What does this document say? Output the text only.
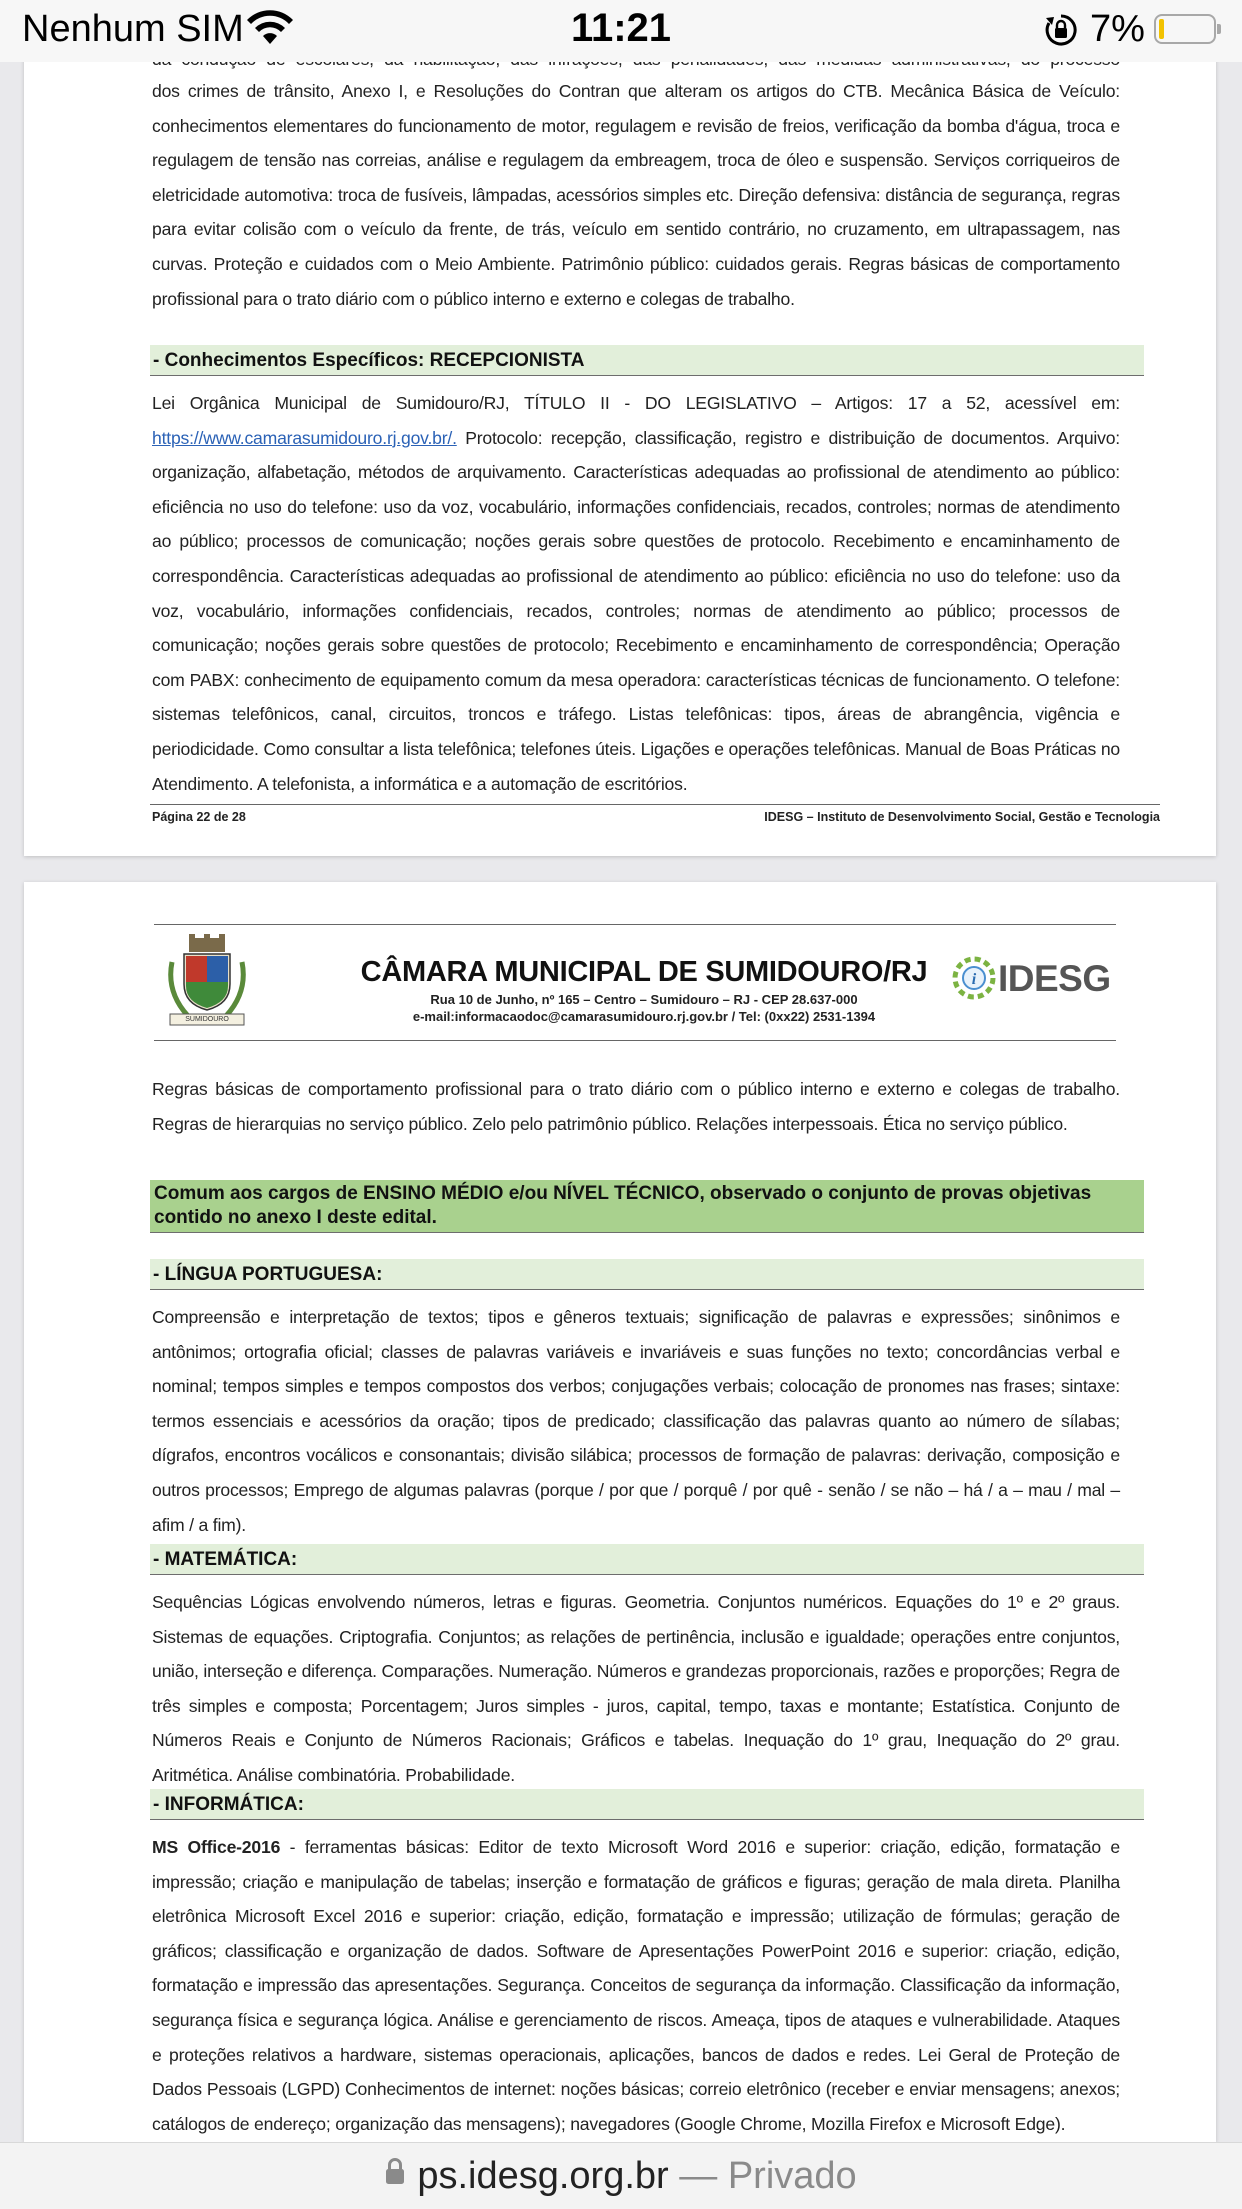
Nenhum SIM	11:21	7%

dos crimes de trânsito, Anexo I, e Resoluções do Contran que alteram os artigos do CTB. Mecânica Básica de Veículo: conhecimentos elementares do funcionamento de motor, regulagem e revisão de freios, verificação da bomba d'água, troca e regulagem de tensão nas correias, análise e regulagem da embreagem, troca de óleo e suspensão. Serviços corriqueiros de eletricidade automotiva: troca de fusíveis, lâmpadas, acessórios simples etc. Direção defensiva: distância de segurança, regras para evitar colisão com o veículo da frente, de trás, veículo em sentido contrário, no cruzamento, em ultrapassagem, nas curvas. Proteção e cuidados com o Meio Ambiente. Patrimônio público: cuidados gerais. Regras básicas de comportamento profissional para o trato diário com o público interno e externo e colegas de trabalho.

- Conhecimentos Específicos: RECEPCIONISTA

Lei Orgânica Municipal de Sumidouro/RJ, TÍTULO II - DO LEGISLATIVO – Artigos: 17 a 52, acessível em: https://www.camarasumidouro.rj.gov.br/. Protocolo: recepção, classificação, registro e distribuição de documentos. Arquivo: organização, alfabetação, métodos de arquivamento. Características adequadas ao profissional de atendimento ao público: eficiência no uso do telefone: uso da voz, vocabulário, informações confidenciais, recados, controles; normas de atendimento ao público; processos de comunicação; noções gerais sobre questões de protocolo. Recebimento e encaminhamento de correspondência. Características adequadas ao profissional de atendimento ao público: eficiência no uso do telefone: uso da voz, vocabulário, informações confidenciais, recados, controles; normas de atendimento ao público; processos de comunicação; noções gerais sobre questões de protocolo; Recebimento e encaminhamento de correspondência; Operação com PABX: conhecimento de equipamento comum da mesa operadora: características técnicas de funcionamento. O telefone: sistemas telefônicos, canal, circuitos, troncos e tráfego. Listas telefônicas: tipos, áreas de abrangência, vigência e periodicidade. Como consultar a lista telefônica; telefones úteis. Ligações e operações telefônicas. Manual de Boas Práticas no Atendimento. A telefonista, a informática e a automação de escritórios.

Página 22 de 28	IDESG – Instituto de Desenvolvimento Social, Gestão e Tecnologia
SUMIDOURO
CÂMARA MUNICIPAL DE SUMIDOURO/RJ
Rua 10 de Junho, nº 165 – Centro – Sumidouro – RJ - CEP 28.637-000
e-mail:informacaodoc@camarasumidouro.rj.gov.br / Tel: (0xx22) 2531-1394
i IDESG

Regras básicas de comportamento profissional para o trato diário com o público interno e externo e colegas de trabalho. Regras de hierarquias no serviço público. Zelo pelo patrimônio público. Relações interpessoais. Ética no serviço público.

Comum aos cargos de ENSINO MÉDIO e/ou NÍVEL TÉCNICO, observado o conjunto de provas objetivas contido no anexo I deste edital.
- LÍNGUA PORTUGUESA:

Compreensão e interpretação de textos; tipos e gêneros textuais; significação de palavras e expressões; sinônimos e antônimos; ortografia oficial; classes de palavras variáveis e invariáveis e suas funções no texto; concordâncias verbal e nominal; tempos simples e tempos compostos dos verbos; conjugações verbais; colocação de pronomes nas frases; sintaxe: termos essenciais e acessórios da oração; tipos de predicado; classificação das palavras quanto ao número de sílabas; dígrafos, encontros vocálicos e consonantais; divisão silábica; processos de formação de palavras: derivação, composição e outros processos; Emprego de algumas palavras (porque / por que / porquê / por quê - senão / se não – há / a – mau / mal – afim / a fim).

- MATEMÁTICA:

Sequências Lógicas envolvendo números, letras e figuras. Geometria. Conjuntos numéricos. Equações do 1º e 2º graus. Sistemas de equações. Criptografia. Conjuntos; as relações de pertinência, inclusão e igualdade; operações entre conjuntos, união, interseção e diferença. Comparações. Numeração. Números e grandezas proporcionais, razões e proporções; Regra de três simples e composta; Porcentagem; Juros simples - juros, capital, tempo, taxas e montante; Estatística. Conjunto de Números Reais e Conjunto de Números Racionais; Gráficos e tabelas. Inequação do 1º grau, Inequação do 2º grau. Aritmética. Análise combinatória. Probabilidade.

- INFORMÁTICA:

MS Office-2016 - ferramentas básicas: Editor de texto Microsoft Word 2016 e superior: criação, edição, formatação e impressão; criação e manipulação de tabelas; inserção e formatação de gráficos e figuras; geração de mala direta. Planilha eletrônica Microsoft Excel 2016 e superior: criação, edição, formatação e impressão; utilização de fórmulas; geração de gráficos; classificação e organização de dados. Software de Apresentações PowerPoint 2016 e superior: criação, edição, formatação e impressão das apresentações. Segurança. Conceitos de segurança da informação. Classificação da informação, segurança física e segurança lógica. Análise e gerenciamento de riscos. Ameaça, tipos de ataques e vulnerabilidade. Ataques e proteções relativos a hardware, sistemas operacionais, aplicações, bancos de dados e redes. Lei Geral de Proteção de Dados Pessoais (LGPD) Conhecimentos de internet: noções básicas; correio eletrônico (receber e enviar mensagens; anexos; catálogos de endereço; organização das mensagens); navegadores (Google Chrome, Mozilla Firefox e Microsoft Edge).

ps.idesg.org.br — Privado
